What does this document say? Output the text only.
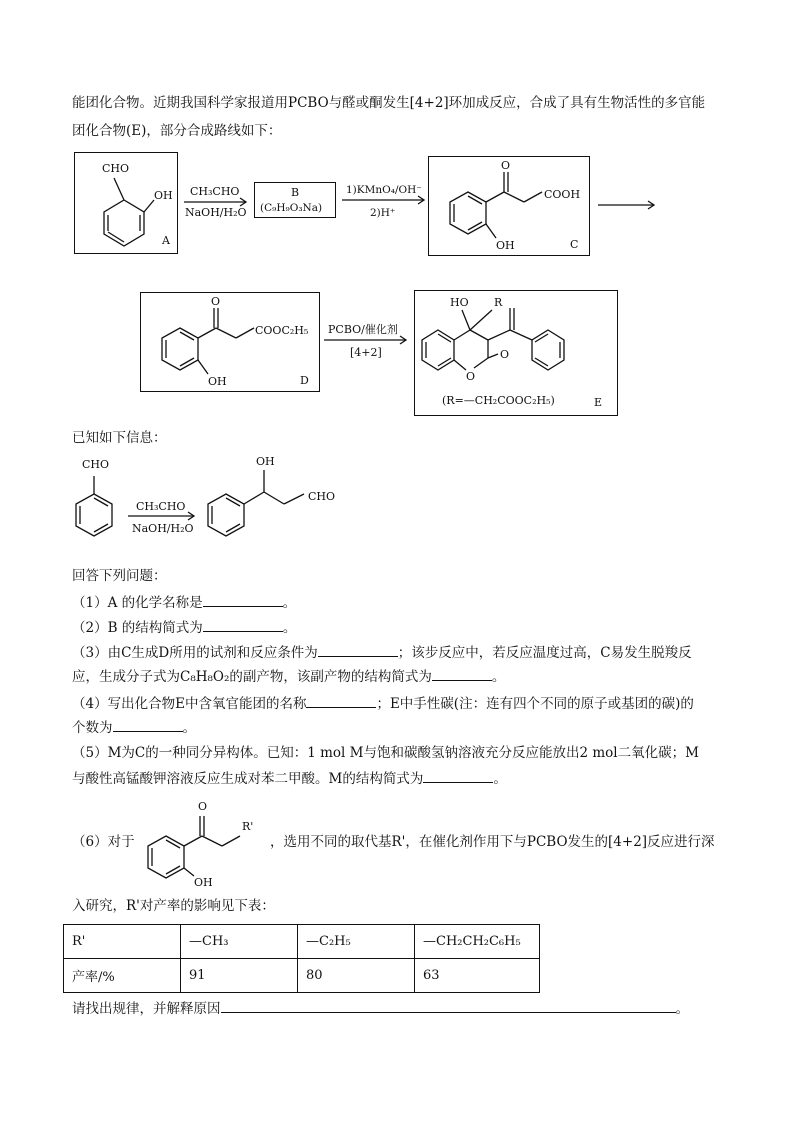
能团化合物。近期我国科学家报道用PCBO与醛或酮发生[4+2]环加成反应，合成了具有生物活性的多官能
团化合物(E)，部分合成路线如下：
CHO
OH
A
CH₃CHO
NaOH/H₂O
B
(C₉H₉O₃Na)
1)KMnO₄/OH⁻
2)H⁺
O
COOH
OH	C
O
COOC₂H₅
OH	D
PCBO/催化剂
[4+2]
HO R
O
O
(R=—CH₂COOC₂H₅)	E
已知如下信息：
CHO
CH₃CHO
NaOH/H₂O
OH
CHO
回答下列问题：
（1）A 的化学名称是	。
（2）B 的结构简式为	。
（3）由C生成D所用的试剂和反应条件为	；该步反应中，若反应温度过高，C易发生脱羧反
应，生成分子式为C₈H₈O₂的副产物，该副产物的结构简式为	。
（4）写出化合物E中含氧官能团的名称	；E中手性碳(注：连有四个不同的原子或基团的碳)的
个数为	。
（5）M为C的一种同分异构体。已知：1 mol M与饱和碳酸氢钠溶液充分反应能放出2 mol二氧化碳；M
与酸性高锰酸钾溶液反应生成对苯二甲酸。M的结构简式为	。
（6）对于
O
R'
OH
，选用不同的取代基R'，在催化剂作用下与PCBO发生的[4+2]反应进行深
入研究，R'对产率的影响见下表：
R'	—CH₃	—C₂H₅	—CH₂CH₂C₆H₅
产率/%	91	80	63
请找出规律，并解释原因	。
